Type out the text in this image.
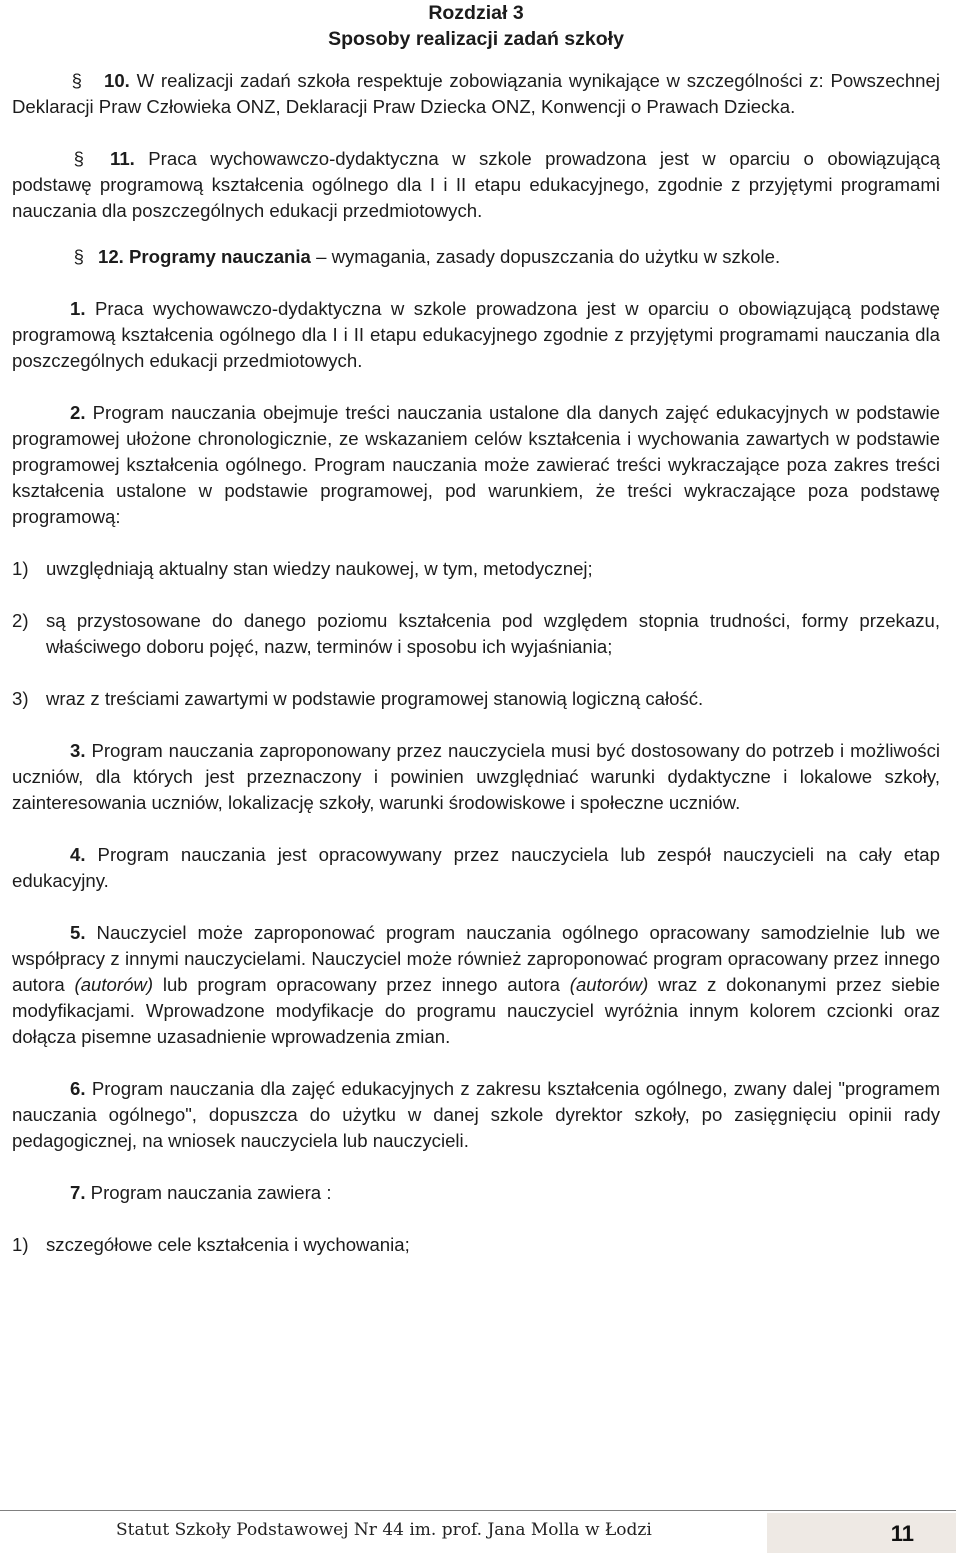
Rozdział 3
Sposoby realizacji zadań szkoły

§ 10. W realizacji zadań szkoła respektuje zobowiązania wynikające w szczególności z: Powszechnej Deklaracji Praw Człowieka ONZ, Deklaracji Praw Dziecka ONZ, Konwencji o Prawach Dziecka.

§ 11. Praca wychowawczo-dydaktyczna w szkole prowadzona jest w oparciu o obowiązującą podstawę programową kształcenia ogólnego dla I i II etapu edukacyjnego, zgodnie z przyjętymi programami nauczania dla poszczególnych edukacji przedmiotowych.

§ 12. Programy nauczania – wymagania, zasady dopuszczania do użytku w szkole.

1. Praca wychowawczo-dydaktyczna w szkole prowadzona jest w oparciu o obowiązującą podstawę programową kształcenia ogólnego dla I i II etapu edukacyjnego zgodnie z przyjętymi programami nauczania dla poszczególnych edukacji przedmiotowych.

2. Program nauczania obejmuje treści nauczania ustalone dla danych zajęć edukacyjnych w podstawie programowej ułożone chronologicznie, ze wskazaniem celów kształcenia i wychowania zawartych w podstawie programowej kształcenia ogólnego. Program nauczania może zawierać treści wykraczające poza zakres treści kształcenia ustalone w podstawie programowej, pod warunkiem, że treści wykraczające poza podstawę programową:

1) uwzględniają aktualny stan wiedzy naukowej, w tym, metodycznej;
2) są przystosowane do danego poziomu kształcenia pod względem stopnia trudności, formy przekazu, właściwego doboru pojęć, nazw, terminów i sposobu ich wyjaśniania;
3) wraz z treściami zawartymi w podstawie programowej stanowią logiczną całość.

3. Program nauczania zaproponowany przez nauczyciela musi być dostosowany do potrzeb i możliwości uczniów, dla których jest przeznaczony i powinien uwzględniać warunki dydaktyczne i lokalowe szkoły, zainteresowania uczniów, lokalizację szkoły, warunki środowiskowe i społeczne uczniów.

4. Program nauczania jest opracowywany przez nauczyciela lub zespół nauczycieli na cały etap edukacyjny.

5. Nauczyciel może zaproponować program nauczania ogólnego opracowany samodzielnie lub we współpracy z innymi nauczycielami. Nauczyciel może również zaproponować program opracowany przez innego autora (autorów) lub program opracowany przez innego autora (autorów) wraz z dokonanymi przez siebie modyfikacjami. Wprowadzone modyfikacje do programu nauczyciel wyróżnia innym kolorem czcionki oraz dołącza pisemne uzasadnienie wprowadzenia zmian.

6. Program nauczania dla zajęć edukacyjnych z zakresu kształcenia ogólnego, zwany dalej "programem nauczania ogólnego", dopuszcza do użytku w danej szkole dyrektor szkoły, po zasięgnięciu opinii rady pedagogicznej, na wniosek nauczyciela lub nauczycieli.

7. Program nauczania zawiera :

1) szczegółowe cele kształcenia i wychowania;
Statut Szkoły Podstawowej Nr 44 im. prof. Jana Molla w Łodzi	11
